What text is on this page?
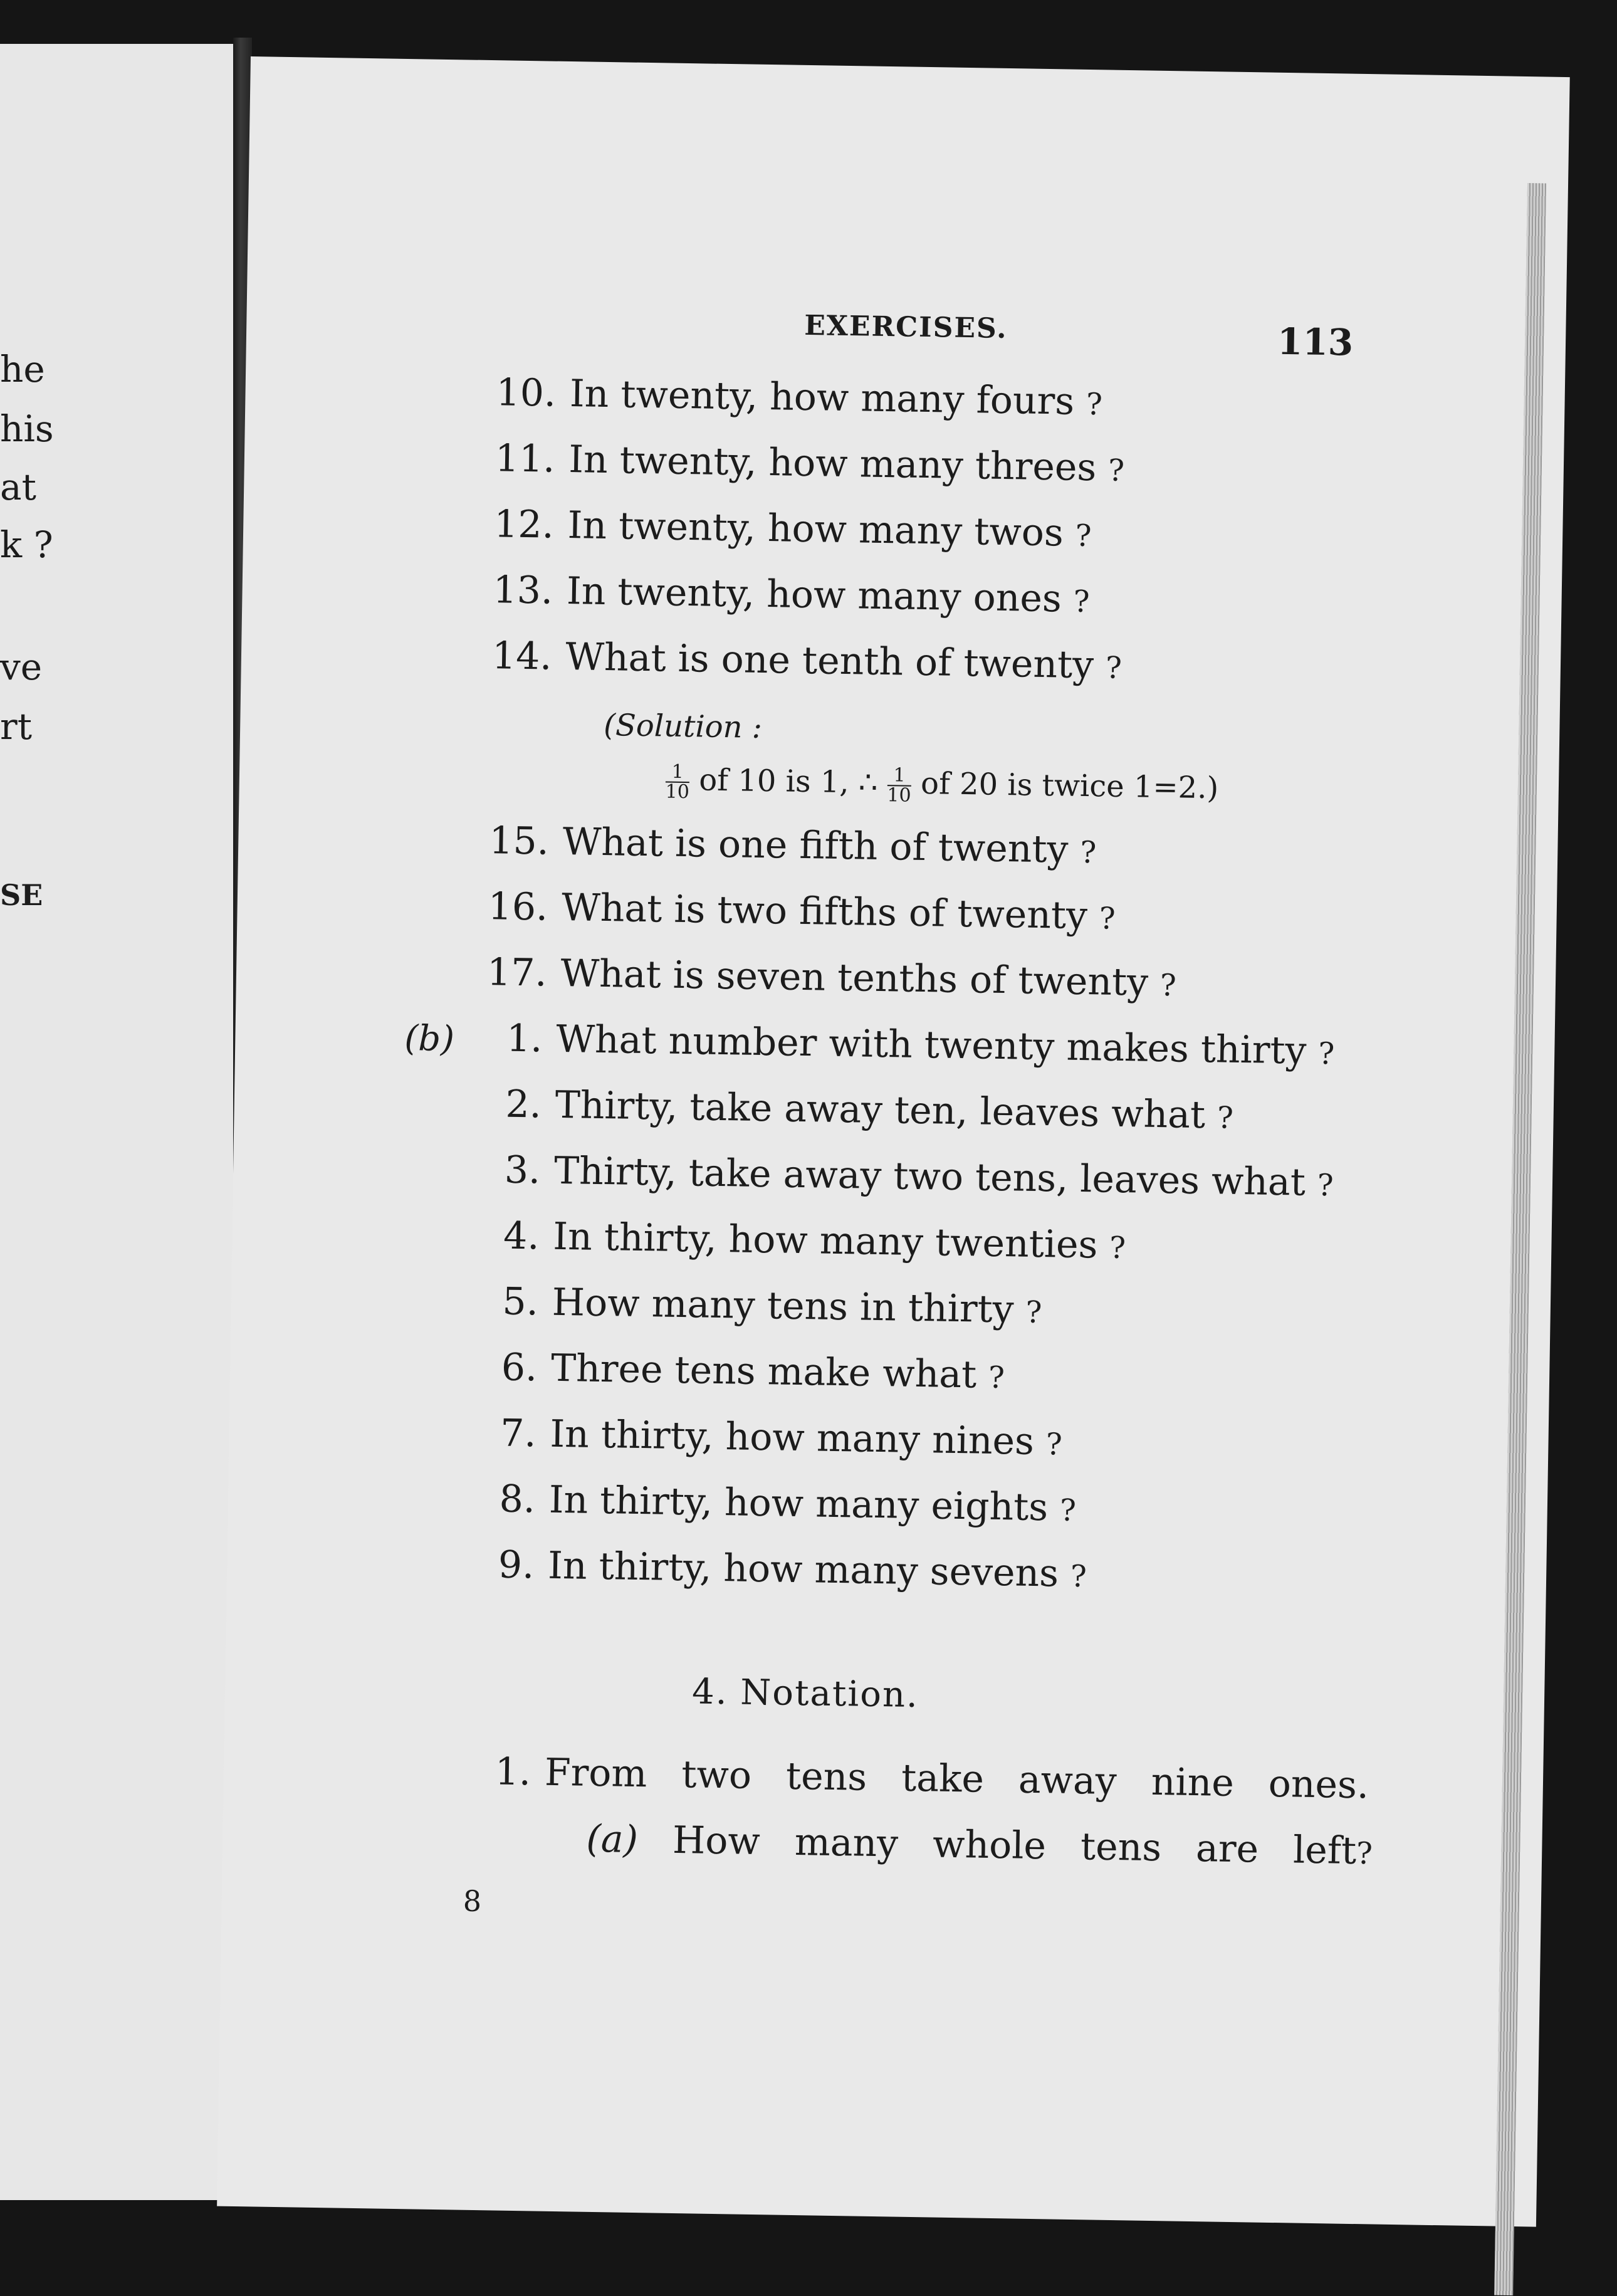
he
his
at
k ?
ve
rt
SE
EXERCISES.	113
10. In twenty, how many fours ?
11. In twenty, how many threes ?
12. In twenty, how many twos ?
13. In twenty, how many ones ?
14. What is one tenth of twenty ?
(Solution :
$\frac{1}{10}$ of 10 is 1, ∴ $\frac{1}{10}$ of 20 is twice 1=2.)
15. What is one fifth of twenty ?
16. What is two fifths of twenty ?
17. What is seven tenths of twenty ?
(b)	1. What number with twenty makes thirty ?
2. Thirty, take away ten, leaves what ?
3. Thirty, take away two tens, leaves what ?
4. In thirty, how many twenties ?
5. How many tens in thirty ?
6. Three tens make what ?
7. In thirty, how many nines ?
8. In thirty, how many eights ?
9. In thirty, how many sevens ?
4. Notation.
1. From two tens take away nine ones.
(a) How many whole tens are left?
8
